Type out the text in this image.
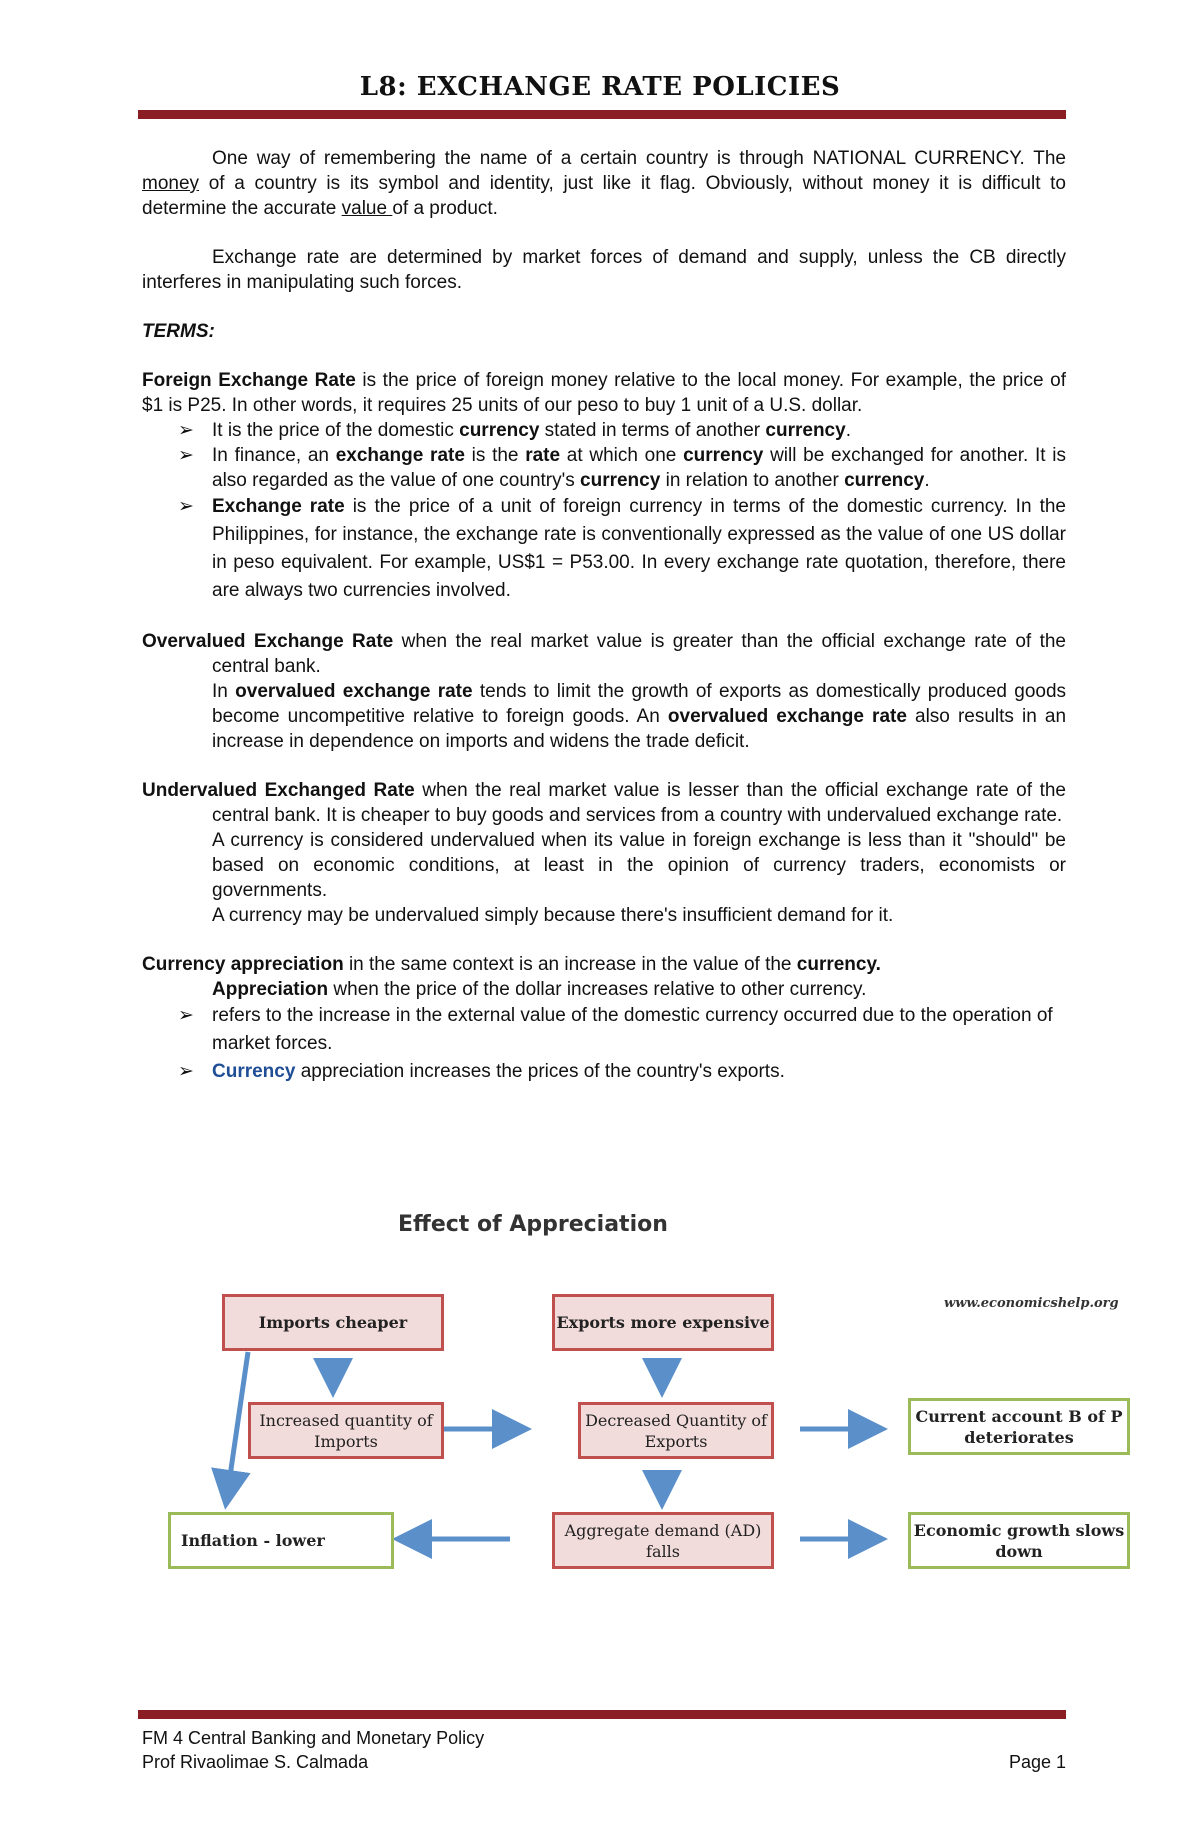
L8: EXCHANGE RATE POLICIES

One way of remembering the name of a certain country is through NATIONAL CURRENCY. The money of a country is its symbol and identity, just like it flag. Obviously, without money it is difficult to determine the accurate value of a product.

Exchange rate are determined by market forces of demand and supply, unless the CB directly interferes in manipulating such forces.

TERMS:

Foreign Exchange Rate is the price of foreign money relative to the local money. For example, the price of $1 is P25. In other words, it requires 25 units of our peso to buy 1 unit of a U.S. dollar.

➢ It is the price of the domestic currency stated in terms of another currency.
➢ In finance, an exchange rate is the rate at which one currency will be exchanged for another. It is also regarded as the value of one country's currency in relation to another currency.
➢ Exchange rate is the price of a unit of foreign currency in terms of the domestic currency. In the Philippines, for instance, the exchange rate is conventionally expressed as the value of one US dollar in peso equivalent. For example, US$1 = P53.00. In every exchange rate quotation, therefore, there are always two currencies involved.

Overvalued Exchange Rate when the real market value is greater than the official exchange rate of the central bank.

In overvalued exchange rate tends to limit the growth of exports as domestically produced goods become uncompetitive relative to foreign goods. An overvalued exchange rate also results in an increase in dependence on imports and widens the trade deficit.

Undervalued Exchanged Rate when the real market value is lesser than the official exchange rate of the central bank. It is cheaper to buy goods and services from a country with undervalued exchange rate.

A currency is considered undervalued when its value in foreign exchange is less than it "should" be based on economic conditions, at least in the opinion of currency traders, economists or governments.

A currency may be undervalued simply because there's insufficient demand for it.

Currency appreciation in the same context is an increase in the value of the currency.

Appreciation when the price of the dollar increases relative to other currency.

➢ refers to the increase in the external value of the domestic currency occurred due to the operation of market forces.
➢ Currency appreciation increases the prices of the country's exports.
Effect of Appreciation
www.economicshelp.org
Imports cheaper	Exports more expensive
Increased quantity of Imports
Decreased Quantity of Exports
Current account B of P deteriorates
Inflation - lower
Aggregate demand (AD) falls
Economic growth slows down
FM 4 Central Banking and Monetary Policy
Prof Rivaolimae S. Calmada	Page 1
